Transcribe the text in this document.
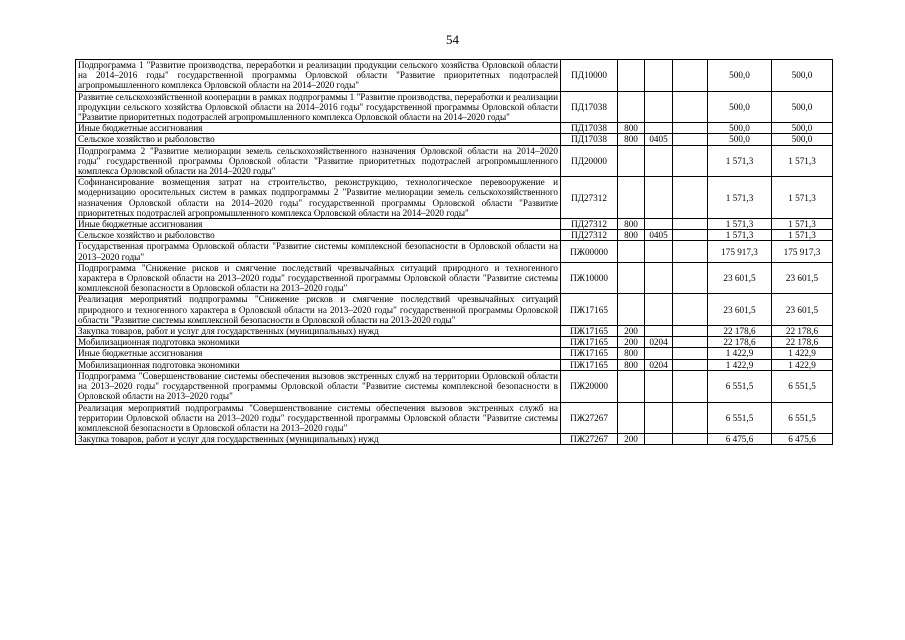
54
Подпрограмма 1 "Развитие производства, переработки и реализации продукции сельского хозяйства Орловской области на 2014–2016 годы" государственной программы Орловской области "Развитие приоритетных подотраслей агропромышленного комплекса Орловской области на 2014–2020 годы"	ПД10000				500,0	500,0
Развитие сельскохозяйственной кооперации в рамках подпрограммы 1 "Развитие производства, переработки и реализации продукции сельского хозяйства Орловской области на 2014–2016 годы" государственной программы Орловской области "Развитие приоритетных подотраслей агропромышленного комплекса Орловской области на 2014–2020 годы"	ПД17038				500,0	500,0
Иные бюджетные ассигнования	ПД17038	800			500,0	500,0
Сельское хозяйство и рыболовство	ПД17038	800	0405		500,0	500,0
Подпрограмма 2 "Развитие мелиорации земель сельскохозяйственного назначения Орловской области на 2014–2020 годы" государственной программы Орловской области "Развитие приоритетных подотраслей агропромышленного комплекса Орловской области на 2014–2020 годы"	ПД20000				1 571,3	1 571,3
Софинансирование возмещения затрат на строительство, реконструкцию, технологическое перевооружение и модернизацию оросительных систем в рамках подпрограммы 2 "Развитие мелиорации земель сельскохозяйственного назначения Орловской области на 2014–2020 годы" государственной программы Орловской области "Развитие приоритетных подотраслей агропромышленного комплекса Орловской области на 2014–2020 годы"	ПД27312				1 571,3	1 571,3
Иные бюджетные ассигнования	ПД27312	800			1 571,3	1 571,3
Сельское хозяйство и рыболовство	ПД27312	800	0405		1 571,3	1 571,3
Государственная программа Орловской области "Развитие системы комплексной безопасности в Орловской области на 2013–2020 годы"	ПЖ00000				175 917,3	175 917,3
Подпрограмма "Снижение рисков и смягчение последствий чрезвычайных ситуаций природного и техногенного характера в Орловской области на 2013–2020 годы" государственной программы Орловской области "Развитие системы комплексной безопасности в Орловской области на 2013–2020 годы"	ПЖ10000				23 601,5	23 601,5
Реализация мероприятий подпрограммы "Снижение рисков и смягчение последствий чрезвычайных ситуаций природного и техногенного характера в Орловской области на 2013–2020 годы" государственной программы Орловской области "Развитие системы комплексной безопасности в Орловской области на 2013-2020 годы"	ПЖ17165				23 601,5	23 601,5
Закупка товаров, работ и услуг для государственных (муниципальных) нужд	ПЖ17165	200			22 178,6	22 178,6
Мобилизационная подготовка экономики	ПЖ17165	200	0204		22 178,6	22 178,6
Иные бюджетные ассигнования	ПЖ17165	800			1 422,9	1 422,9
Мобилизационная подготовка экономики	ПЖ17165	800	0204		1 422,9	1 422,9
Подпрограмма "Совершенствование системы обеспечения вызовов экстренных служб на территории Орловской области на 2013–2020 годы" государственной программы Орловской области "Развитие системы комплексной безопасности в Орловской области на 2013–2020 годы"	ПЖ20000				6 551,5	6 551,5
Реализация мероприятий подпрограммы "Совершенствование системы обеспечения вызовов экстренных служб на территории Орловской области на 2013–2020 годы" государственной программы Орловской области "Развитие системы комплексной безопасности в Орловской области на 2013–2020 годы"	ПЖ27267				6 551,5	6 551,5
Закупка товаров, работ и услуг для государственных (муниципальных) нужд	ПЖ27267	200			6 475,6	6 475,6
